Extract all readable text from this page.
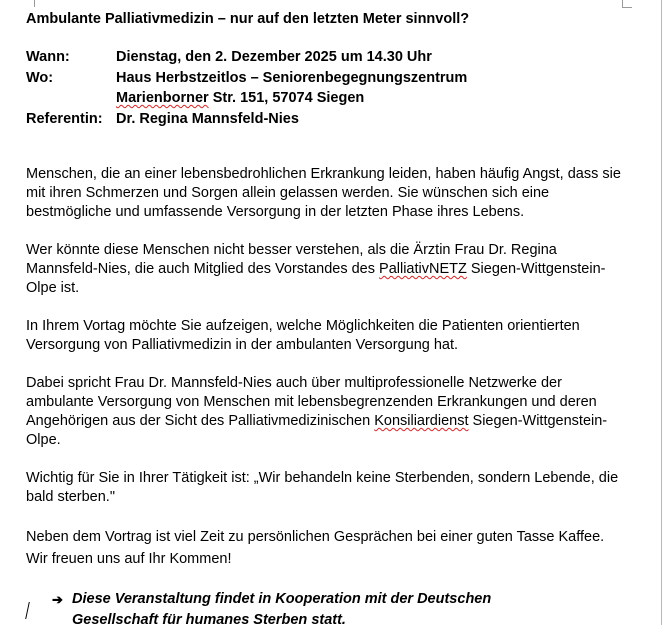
Ambulante Palliativmedizin – nur auf den letzten Meter sinnvoll?

Wann:	Dienstag, den 2. Dezember 2025 um 14.30 Uhr
Wo:	Haus Herbstzeitlos – Seniorenbegegnungszentrum
Marienborner Str. 151, 57074 Siegen
Referentin: Dr. Regina Mannsfeld-Nies

Menschen, die an einer lebensbedrohlichen Erkrankung leiden, haben häufig Angst, dass sie mit ihren Schmerzen und Sorgen allein gelassen werden. Sie wünschen sich eine bestmögliche und umfassende Versorgung in der letzten Phase ihres Lebens.

Wer könnte diese Menschen nicht besser verstehen, als die Ärztin Frau Dr. Regina Mannsfeld-Nies, die auch Mitglied des Vorstandes des PalliativNETZ Siegen-Wittgenstein-Olpe ist.

In Ihrem Vortag möchte Sie aufzeigen, welche Möglichkeiten die Patienten orientierten Versorgung von Palliativmedizin in der ambulanten Versorgung hat.

Dabei spricht Frau Dr. Mannsfeld-Nies auch über multiprofessionelle Netzwerke der ambulante Versorgung von Menschen mit lebensbegrenzenden Erkrankungen und deren Angehörigen aus der Sicht des Palliativmedizinischen Konsiliardienst Siegen-Wittgenstein-Olpe.

Wichtig für Sie in Ihrer Tätigkeit ist: „Wir behandeln keine Sterbenden, sondern Lebende, die bald sterben."

Neben dem Vortrag ist viel Zeit zu persönlichen Gesprächen bei einer guten Tasse Kaffee. Wir freuen uns auf Ihr Kommen!

➔ Diese Veranstaltung findet in Kooperation mit der Deutschen
Gesellschaft für humanes Sterben statt.
